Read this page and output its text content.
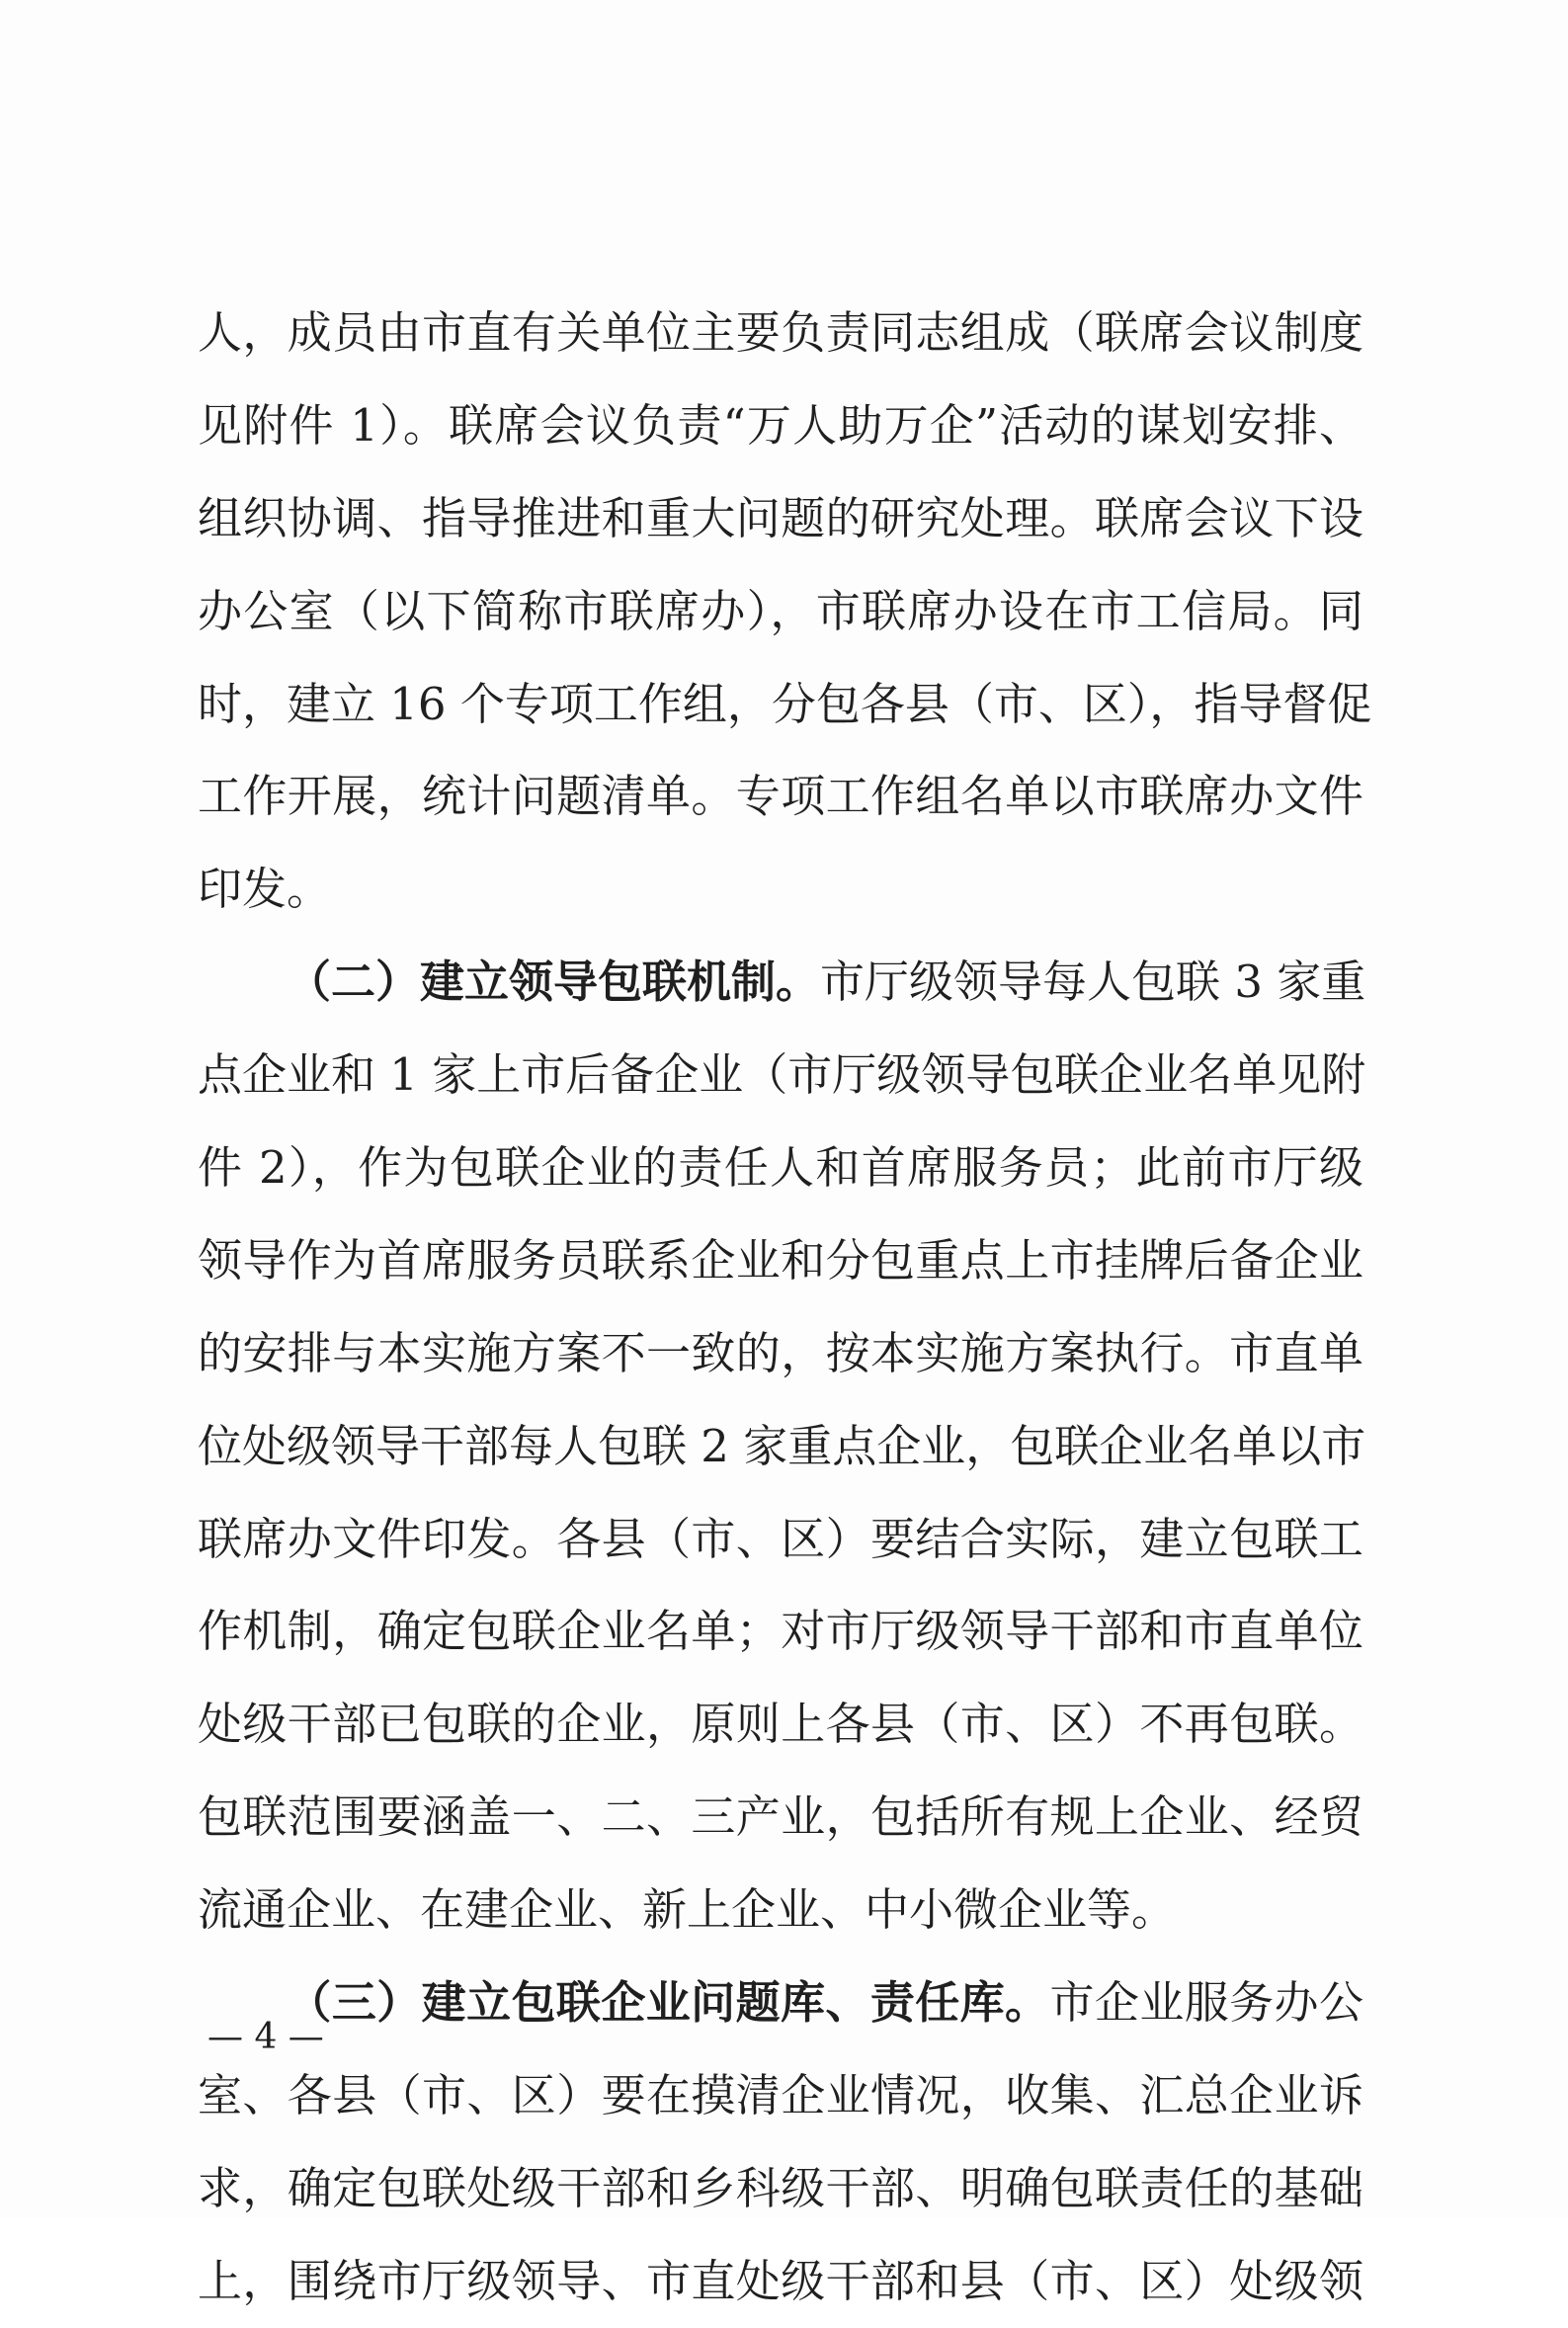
人，成员由市直有关单位主要负责同志组成（联席会议制度
见附件 1）。联席会议负责“万人助万企”活动的谋划安排、
组织协调、指导推进和重大问题的研究处理。联席会议下设
办公室（以下简称市联席办），市联席办设在市工信局。同
时，建立 16 个专项工作组，分包各县（市、区），指导督促
工作开展，统计问题清单。专项工作组名单以市联席办文件
印发。
（二）建立领导包联机制。市厅级领导每人包联 3 家重
点企业和 1 家上市后备企业（市厅级领导包联企业名单见附
件 2），作为包联企业的责任人和首席服务员；此前市厅级
领导作为首席服务员联系企业和分包重点上市挂牌后备企业
的安排与本实施方案不一致的，按本实施方案执行。市直单
位处级领导干部每人包联 2 家重点企业，包联企业名单以市
联席办文件印发。各县（市、区）要结合实际，建立包联工
作机制，确定包联企业名单；对市厅级领导干部和市直单位
处级干部已包联的企业，原则上各县（市、区）不再包联。
包联范围要涵盖一、二、三产业，包括所有规上企业、经贸
流通企业、在建企业、新上企业、中小微企业等。
（三）建立包联企业问题库、责任库。市企业服务办公
室、各县（市、区）要在摸清企业情况，收集、汇总企业诉
求，确定包联处级干部和乡科级干部、明确包联责任的基础
上，围绕市厅级领导、市直处级干部和县（市、区）处级领
— 4 —
